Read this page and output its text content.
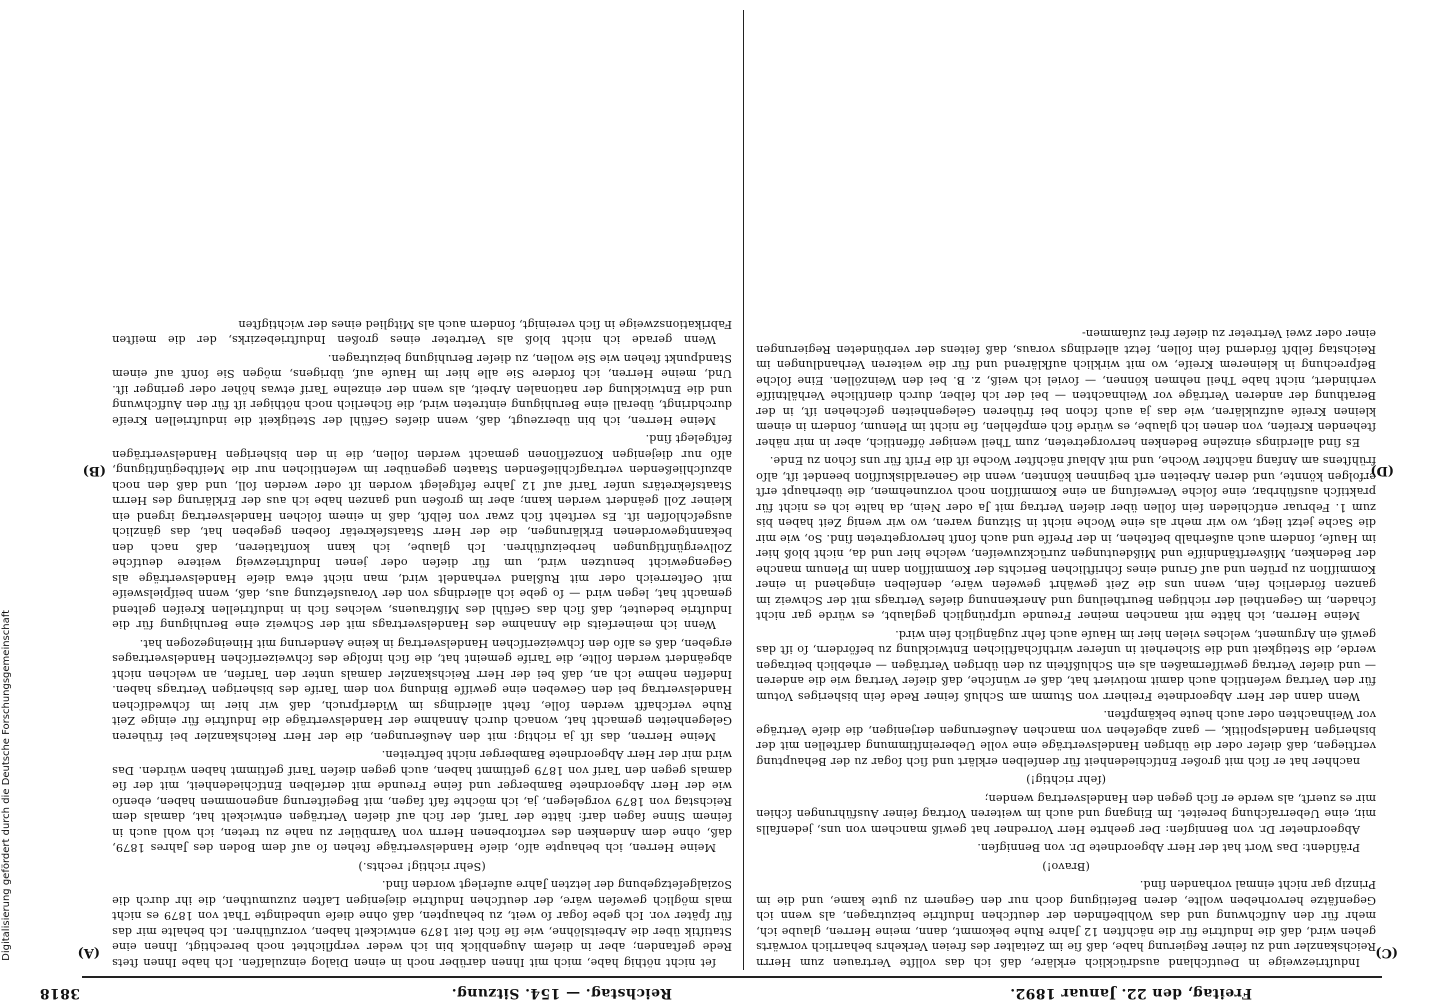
3818	Reichstag. — 154. Sitzung.	Freitag, den 22. Januar 1892.

Induſtriezweige in Deutſchland ausdrücklich erkläre, daß ich das vollſte Vertrauen zum Herrn Reichskanzler und zu ſeiner Regierung habe, daß ſie im Zeitalter des freien Verkehrs beharrlich vorwärts gehen wird, daß die Induſtrie für die nächſten 12 Jahre Ruhe bekommt, dann, meine Herren, glaube ich, mehr für den Aufſchwung und das Wohlbefinden der deutſchen Induſtrie beizutragen, als wenn ich Gegenſätze hervorheben wollte, deren Beſeitigung doch nur den Gegnern zu gute kame, und die im Prinzip gar nicht einmal vorhanden ſind.

(Bravo!)

Präſident: Das Wort hat der Herr Abgeordnete Dr. von Bennigſen.

Abgeordneter Dr. von Bennigſen: Der geehrte Herr Vorredner hat gewiß manchem von uns, jedenfalls mir, eine Ueberraſchung bereitet. Im Eingang und auch im weiteren Vortrag ſeiner Ausführungen ſchien mir es zuerſt, als werde er ſich gegen den Handelsvertrag wenden;

(ſehr richtig!)

nachher hat er ſich mit großer Entſchiedenheit für denſelben erklärt und ſich ſogar zu der Behauptung verſtiegen, daß dieſer oder die übrigen Handelsverträge eine volle Uebereinſtimmung darſtellen mit der bisherigen Handelspolitik, — ganz abgeſehen von manchen Aeußerungen derjenigen, die dieſe Verträge vor Weihnachten oder auch heute bekämpften.

Wenn dann der Herr Abgeordnete Freiherr von Stumm am Schluß ſeiner Rede ſein bisheriges Votum für den Vertrag weſentlich auch damit motiviert hat, daß er wünſche, daß dieſer Vertrag wie die anderen — und dieſer Vertrag gewiſſermaßen als ein Schlußſtein zu den übrigen Verträgen — erheblich beitragen werde, die Stetigkeit und die Sicherheit in unſerer wirthſchaftlichen Entwicklung zu befördern, ſo iſt das gewiß ein Argument, welches vielen hier im Hauſe auch ſehr zugänglich ſein wird.

Meine Herren, ich hätte mit manchen meiner Freunde urſprünglich geglaubt, es würde gar nicht ſchaden, im Gegentheil der richtigen Beurtheilung und Anerkennung dieſes Vertrags mit der Schweiz im ganzen förderlich ſein, wenn uns die Zeit gewährt geweſen wäre, denſelben eingehend in einer Kommiſſion zu prüfen und auf Grund eines ſchriftlichen Berichts der Kommiſſion dann im Plenum manche der Bedenken, Mißverſtändniſſe und Mißdeutungen zurückzuweiſen, welche hier und da, nicht bloß hier im Hauſe, ſondern auch außerhalb beſtehen, in der Preſſe und auch ſonſt hervorgetreten ſind. So, wie mir die Sache jetzt liegt, wo wir mehr als eine Woche nicht in Sitzung waren, wo wir wenig Zeit haben bis zum 1. Februar entſchieden ſein ſollen über dieſen Vertrag mit Ja oder Nein, da halte ich es nicht für praktiſch ausführbar, eine ſolche Verweiſung an eine Kommiſſion noch vorzunehmen, die überhaupt erſt erfolgen könnte, und deren Arbeiten erſt beginnen könnten, wenn die Generaldiskuſſion beendet iſt, alſo frühſtens am Anfang nächſter Woche, und mit Ablauf nächſter Woche iſt die Friſt für uns ſchon zu Ende.

Es ſind allerdings einzelne Bedenken hervorgetreten, zum Theil weniger öffentlich, aber in mir näher ſtehenden Kreiſen, von denen ich glaube, es würde ſich empfehlen, ſie nicht im Plenum, ſondern in einem kleinen Kreiſe aufzuklären, wie das ja auch ſchon bei früheren Gelegenheiten geſchehen iſt, in der Berathung der anderen Verträge vor Weihnachten — bei der ich ſelber, durch dienſtliche Verhältniſſe verhindert, nicht habe Theil nehmen können, — ſoviel ich weiß, z. B. bei den Weinzöllen. Eine ſolche Beſprechung in kleinerem Kreiſe, wo mit wirklich aufklärend und für die weiteren Verhandlungen im Reichstag ſelbſt fördernd ſein ſollen, ſetzt allerdings voraus, daß ſeitens der verbündeten Regierungen einer oder zwei Vertreter zu dieſer frei zuſammen-

ſet nicht nöthig habe, mich mit Ihnen darüber noch in einen Dialog einzulaſſen. Ich habe Ihnen ſtets Rede geſtanden; aber in dieſem Augenblick bin ich weder verpflichtet noch berechtigt, Ihnen eine Statiſtik über die Arbeitslöhne, wie ſie ſich ſeit 1879 entwickelt haben, vorzuführen. Ich behalte mir das für ſpäter vor. Ich gebe ſogar ſo weit, zu behaupten, daß ohne dieſe unbedingte That von 1879 es nicht mals möglich geweſen wäre, der deutſchen Induſtrie diejenigen Laſten zuzumuthen, die ihr durch die Sozialgeſetzgebung der letzten Jahre auferlegt worden ſind.

(Sehr richtig! rechts.)

Meine Herren, ich behaupte alſo, dieſe Handelsverträge ſtehen ſo auf dem Boden des Jahres 1879, daß, ohne dem Andenken des verſtorbenen Herrn von Varnbüler zu nahe zu treten, ich wohl auch in ſeinem Sinne ſagen darf: hätte der Tarif, der ſich auf dieſen Verträgen entwickelt hat, damals dem Reichstag von 1879 vorgelegen, ja, ich möchte faſt ſagen, mit Begeiſterung angenommen haben, ebenſo wie der Herr Abgeordnete Bamberger und ſeine Freunde mit derſelben Entſchiedenheit, mit der ſie damals gegen den Tarif von 1879 geſtimmt haben, auch gegen dieſen Tarif geſtimmt haben würden. Das wird mir der Herr Abgeordnete Bamberger nicht beſtreiten.

Meine Herren, das iſt ja richtig: mit den Aeußerungen, die der Herr Reichskanzler bei früheren Gelegenheiten gemacht hat, wonach durch Annahme der Handelsverträge die Induſtrie für einige Zeit Ruhe verſchafft werden ſolle, ſteht allerdings im Widerſpruch, daß wir hier im ſchwediſchen Handelsvertrag bei den Geweben eine gewiſſe Bindung von dem Tarife des bisherigen Vertrags haben. Indeſſen nehme ich an, daß bei der Herr Reichskanzler damals unter den Tarifen, an welchen nicht abgeändert werden ſollte, die Tarife gemeint hat, die ſich infolge des ſchweizeriſchen Handelsvertrages ergeben, daß es alſo den ſchweizeriſchen Handelsvertrag in keine Aenderung mit Hineingezogen hat.

Wenn ich meinerſeits die Annahme des Handelsvertrags mit der Schweiz eine Beruhigung für die Induſtrie bedeutet, daß ſich das Gefühl des Mißtrauens, welches ſich in induſtriellen Kreiſen geltend gemacht hat, legen wird — ſo gebe ich allerdings von der Vorausſetzung aus, daß, wenn beiſpielsweiſe mit Oeſterreich oder mit Rußland verhandelt wird, man nicht etwa dieſe Handelsverträge als Gegengewicht benutzen wird, um für dieſen oder jenen Induſtriezweig weitere deutſche Zollvergünſtigungen herbeizuführen. Ich glaube, ich kann konſtatieren, daß nach den bekanntgewordenen Erklärungen, die der Herr Staatsſekretär ſoeben gegeben hat, das gänzlich ausgeſchloſſen iſt. Es verſteht ſich zwar von ſelbſt, daß in einem ſolchen Handelsvertrag irgend ein kleiner Zoll geändert werden kann; aber im großen und ganzen habe ich aus der Erklärung des Herrn Staatsſekretärs unſer Tarif auf 12 Jahre feſtgelegt worden iſt oder werden ſoll, und daß den noch abzuſchließenden vertragſchließenden Staaten gegenüber im weſentlichen nur die Meiſtbegünſtigung, alſo nur diejenigen Konzeſſionen gemacht werden ſollen, die in den bisherigen Handelsverträgen feſtgelegt ſind.

Meine Herren, ich bin überzeugt, daß, wenn dieſes Gefühl der Stetigkeit die induſtriellen Kreiſe durchdringt, überall eine Beruhigung eintreten wird, die ſicherlich noch nöthiger iſt für den Aufſchwung und die Entwicklung der nationalen Arbeit, als wenn der einzelne Tarif etwas höher oder geringer iſt. Und, meine Herren, ich fordere Sie alle hier im Hauſe auf, übrigens, mögen Sie ſonſt auf einem Standpunkt ſtehen wie Sie wollen, zu dieſer Beruhigung beizutragen.

Wenn gerade ich nicht bloß als Vertreter eines großen Induſtriebezirks, der die meiſten Fabrikationszweige in ſich vereinigt, ſondern auch als Mitglied eines der wichtigſten

(A)
(B)
(C)
(D)
Digitalisierung gefördert durch die Deutsche Forschungsgemeinschaft
